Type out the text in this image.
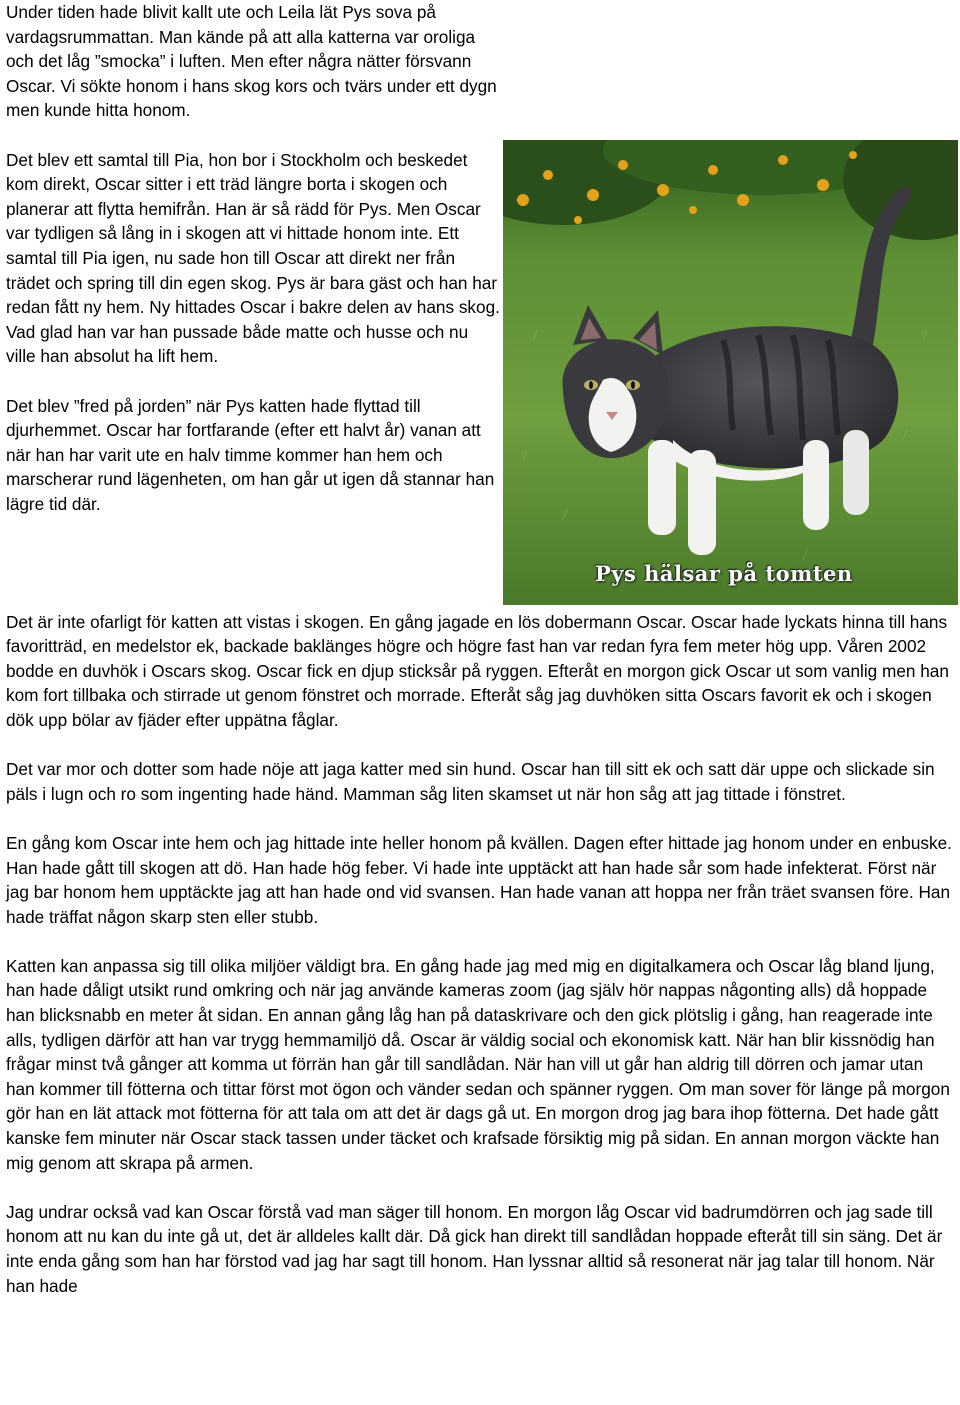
Under tiden hade blivit kallt ute och Leila lät Pys sova på vardagsrummattan. Man kände på att alla katterna var oroliga och det låg ”smocka” i luften. Men efter några nätter försvann Oscar. Vi sökte honom i hans skog kors och tvärs under ett dygn men kunde hitta honom.

Det blev ett samtal till Pia, hon bor i Stockholm och beskedet kom direkt, Oscar sitter i ett träd längre borta i skogen och planerar att flytta hemifrån. Han är så rädd för Pys. Men Oscar var tydligen så lång in i skogen att vi hittade honom inte. Ett samtal till Pia igen, nu sade hon till Oscar att direkt ner från trädet och spring till din egen skog. Pys är bara gäst och han har redan fått ny hem. Ny hittades Oscar i bakre delen av hans skog. Vad glad han var han pussade både matte och husse och nu ville han absolut ha lift hem.

Det blev ”fred på jorden” när Pys katten hade flyttad till djurhemmet. Oscar har fortfarande (efter ett halvt år) vanan att när han har varit ute en halv timme kommer han hem och marscherar rund lägenheten, om han går ut igen då stannar han lägre tid där.

Pys hälsar på tomten

Det är inte ofarligt för katten att vistas i skogen. En gång jagade en lös dobermann Oscar. Oscar hade lyckats hinna till hans favoritträd, en medelstor ek, backade baklänges högre och högre fast han var redan fyra fem meter hög upp. Våren 2002 bodde en duvhök i Oscars skog. Oscar fick en djup sticksår på ryggen. Efteråt en morgon gick Oscar ut som vanlig men han kom fort tillbaka och stirrade ut genom fönstret och morrade. Efteråt såg jag duvhöken sitta Oscars favorit ek och i skogen dök upp bölar av fjäder efter uppätna fåglar.

Det var mor och dotter som hade nöje att jaga katter med sin hund. Oscar han till sitt ek och satt där uppe och slickade sin päls i lugn och ro som ingenting hade händ. Mamman såg liten skamset ut när hon såg att jag tittade i fönstret.

En gång kom Oscar inte hem och jag hittade inte heller honom på kvällen. Dagen efter hittade jag honom under en enbuske. Han hade gått till skogen att dö. Han hade hög feber. Vi hade inte upptäckt att han hade sår som hade infekterat. Först när jag bar honom hem upptäckte jag att han hade ond vid svansen. Han hade vanan att hoppa ner från träet svansen före. Han hade träffat någon skarp sten eller stubb.

Katten kan anpassa sig till olika miljöer väldigt bra. En gång hade jag med mig en digitalkamera och Oscar låg bland ljung, han hade dåligt utsikt rund omkring och när jag använde kameras zoom (jag själv hör nappas någonting alls) då hoppade han blicksnabb en meter åt sidan. En annan gång låg han på dataskrivare och den gick plötslig i gång, han reagerade inte alls, tydligen därför att han var trygg hemmamiljö då. Oscar är väldig social och ekonomisk katt. När han blir kissnödig han frågar minst två gånger att komma ut förrän han går till sandlådan. När han vill ut går han aldrig till dörren och jamar utan han kommer till fötterna och tittar först mot ögon och vänder sedan och spänner ryggen. Om man sover för länge på morgon gör han en lät attack mot fötterna för att tala om att det är dags gå ut. En morgon drog jag bara ihop fötterna. Det hade gått kanske fem minuter när Oscar stack tassen under täcket och krafsade försiktig mig på sidan. En annan morgon väckte han mig genom att skrapa på armen.

Jag undrar också vad kan Oscar förstå vad man säger till honom. En morgon låg Oscar vid badrumdörren och jag sade till honom att nu kan du inte gå ut, det är alldeles kallt där. Då gick han direkt till sandlådan hoppade efteråt till sin säng. Det är inte enda gång som han har förstod vad jag har sagt till honom. Han lyssnar alltid så resonerat när jag talar till honom. När han hade
